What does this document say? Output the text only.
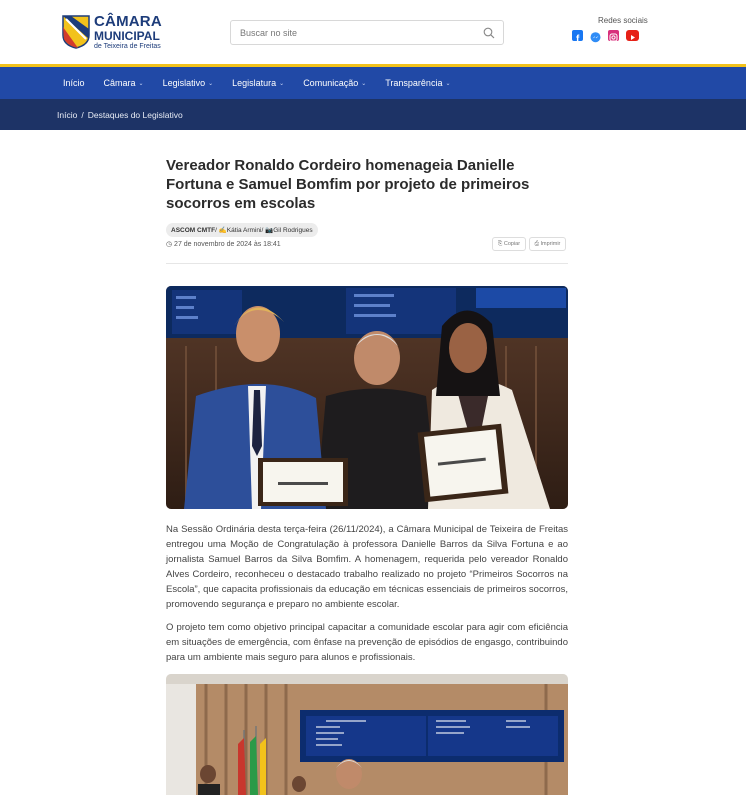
CÂMARA
MUNICIPAL
de Teixeira de Freitas
Buscar no site
Redes sociais
f
Início Câmara ⌄ Legislativo ⌄ Legislatura ⌄ Comunicação ⌄ Transparência ⌄
Início / Destaques do Legislativo
Vereador Ronaldo Cordeiro homenageia Danielle Fortuna e Samuel Bomfim por projeto de primeiros socorros em escolas
ASCOM CMTF / ✍ Kátia Armini / 📷 Gil Rodrigues
◷ 27 de novembro de 2024 às 18:41	⎘ Copiar	⎙ Imprimir

Na Sessão Ordinária desta terça-feira (26/11/2024), a Câmara Municipal de Teixeira de Freitas entregou uma Moção de Congratulação à professora Danielle Barros da Silva Fortuna e ao jornalista Samuel Barros da Silva Bomfim. A homenagem, requerida pelo vereador Ronaldo Alves Cordeiro, reconheceu o destacado trabalho realizado no projeto “Primeiros Socorros na Escola”, que capacita profissionais da educação em técnicas essenciais de primeiros socorros, promovendo segurança e preparo no ambiente escolar.

O projeto tem como objetivo principal capacitar a comunidade escolar para agir com eficiência em situações de emergência, com ênfase na prevenção de episódios de engasgo, contribuindo para um ambiente mais seguro para alunos e profissionais.
